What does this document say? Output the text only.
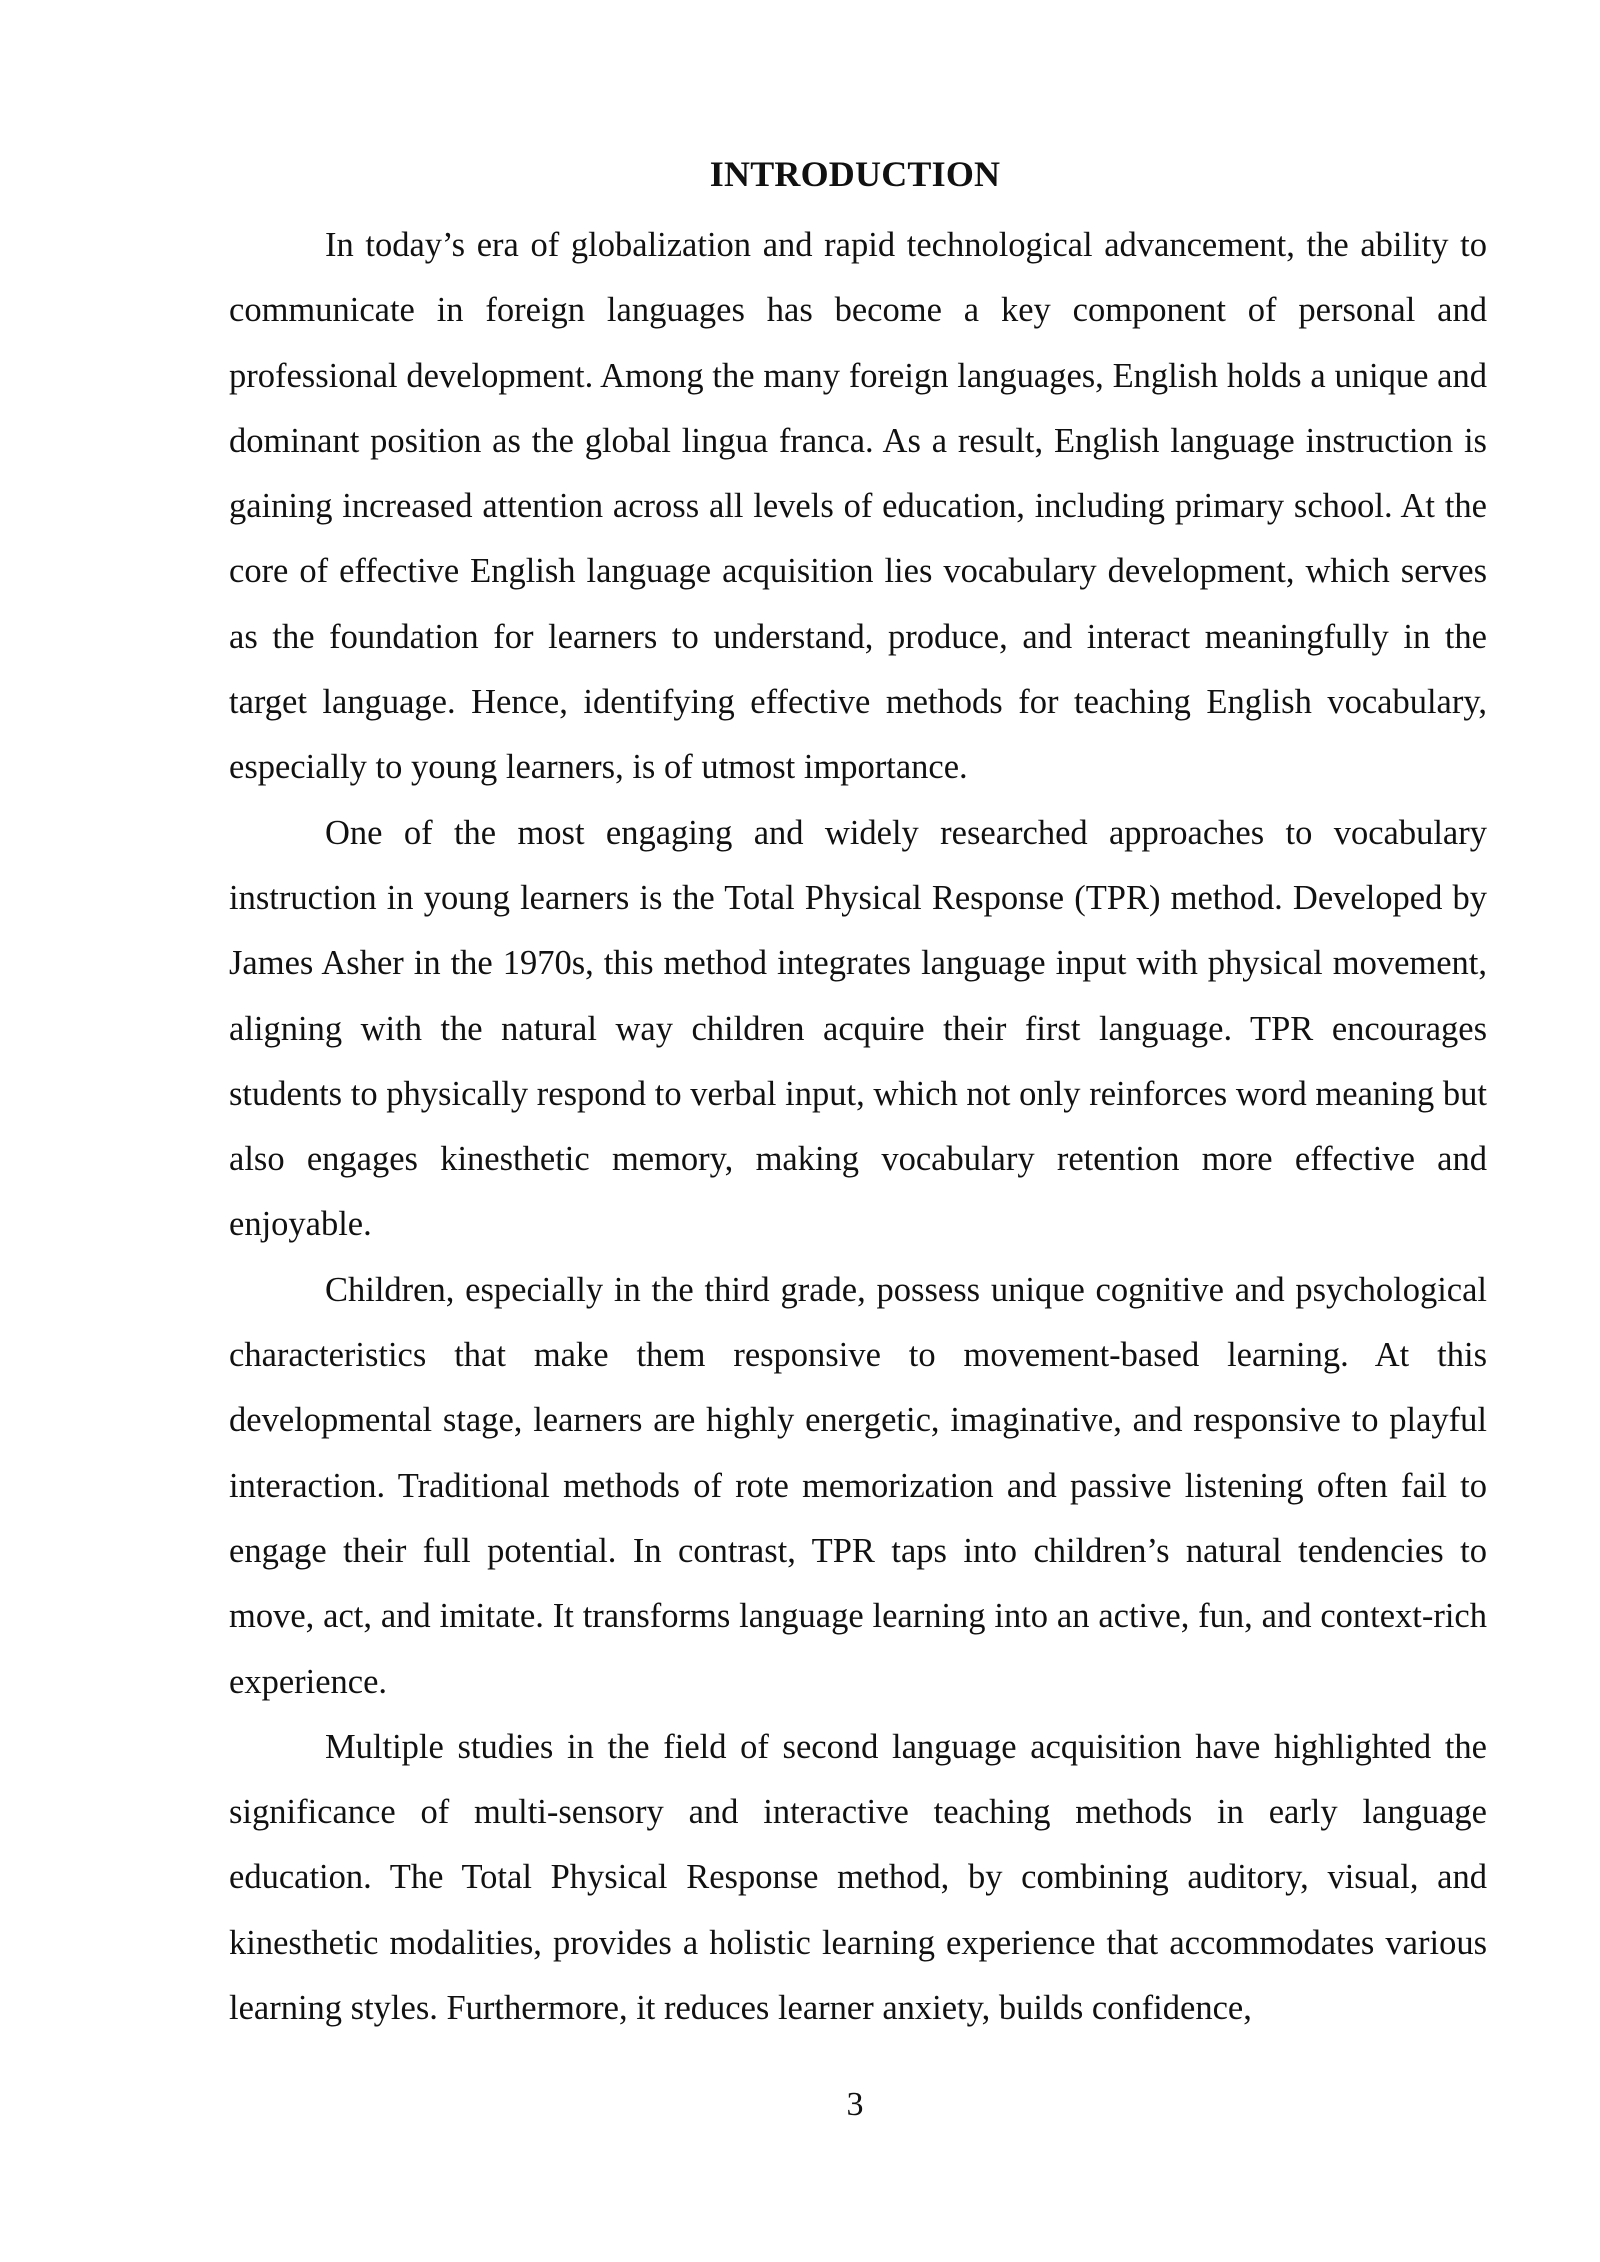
INTRODUCTION

In today’s era of globalization and rapid technological advancement, the ability to communicate in foreign languages has become a key component of personal and professional development. Among the many foreign languages, English holds a unique and dominant position as the global lingua franca. As a result, English language instruction is gaining increased attention across all levels of education, including primary school. At the core of effective English language acquisition lies vocabulary development, which serves as the foundation for learners to understand, produce, and interact meaningfully in the target language. Hence, identifying effective methods for teaching English vocabulary, especially to young learners, is of utmost importance.

One of the most engaging and widely researched approaches to vocabulary instruction in young learners is the Total Physical Response (TPR) method. Developed by James Asher in the 1970s, this method integrates language input with physical movement, aligning with the natural way children acquire their first language. TPR encourages students to physically respond to verbal input, which not only reinforces word meaning but also engages kinesthetic memory, making vocabulary retention more effective and enjoyable.

Children, especially in the third grade, possess unique cognitive and psychological characteristics that make them responsive to movement-based learning. At this developmental stage, learners are highly energetic, imaginative, and responsive to playful interaction. Traditional methods of rote memorization and passive listening often fail to engage their full potential. In contrast, TPR taps into children’s natural tendencies to move, act, and imitate. It transforms language learning into an active, fun, and context-rich experience.

Multiple studies in the field of second language acquisition have highlighted the significance of multi-sensory and interactive teaching methods in early language education. The Total Physical Response method, by combining auditory, visual, and kinesthetic modalities, provides a holistic learning experience that accommodates various learning styles. Furthermore, it reduces learner anxiety, builds confidence,

3
